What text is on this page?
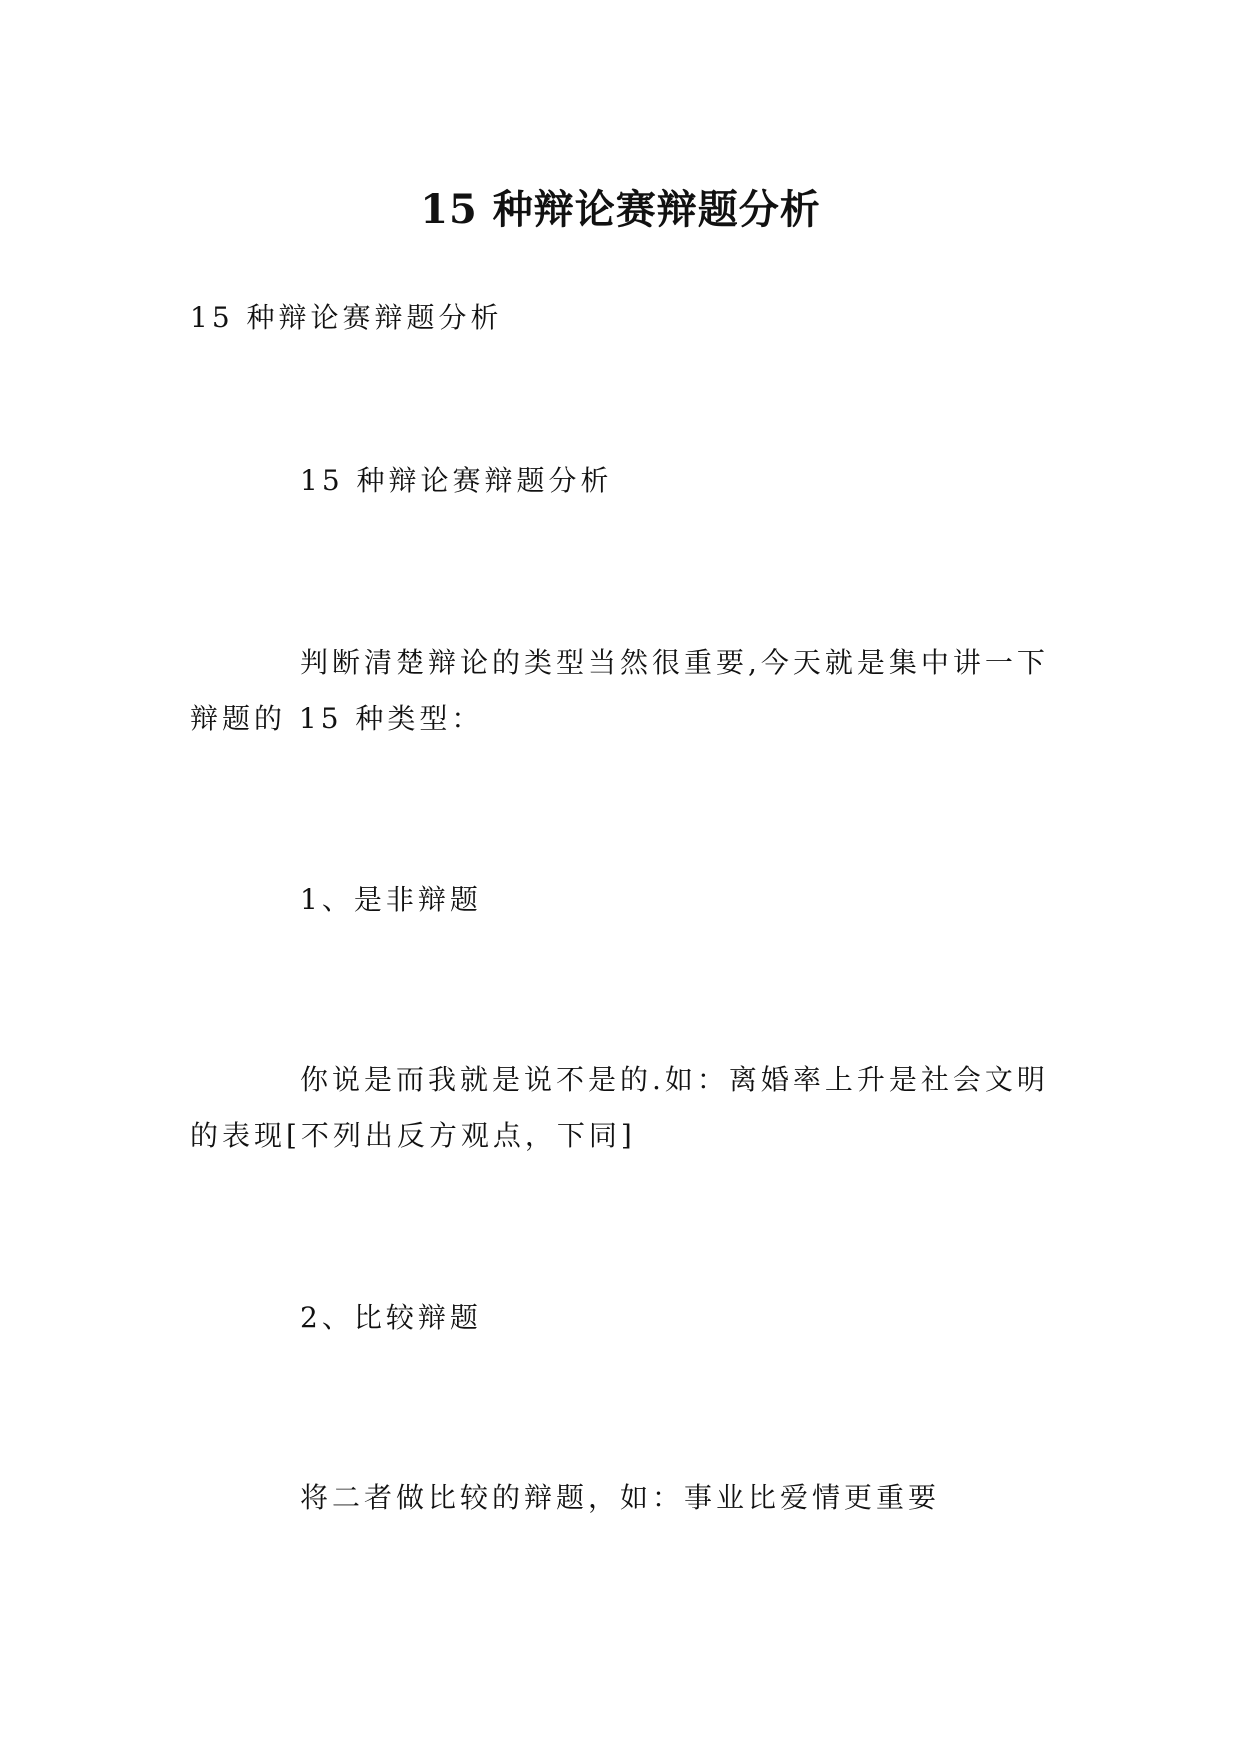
15 种辩论赛辩题分析

15 种辩论赛辩题分析

15 种辩论赛辩题分析

判断清楚辩论的类型当然很重要,今天就是集中讲一下辩题的 15 种类型：

1、是非辩题

你说是而我就是说不是的.如：离婚率上升是社会文明的表现[不列出反方观点，下同]

2、比较辩题

将二者做比较的辩题，如：事业比爱情更重要
